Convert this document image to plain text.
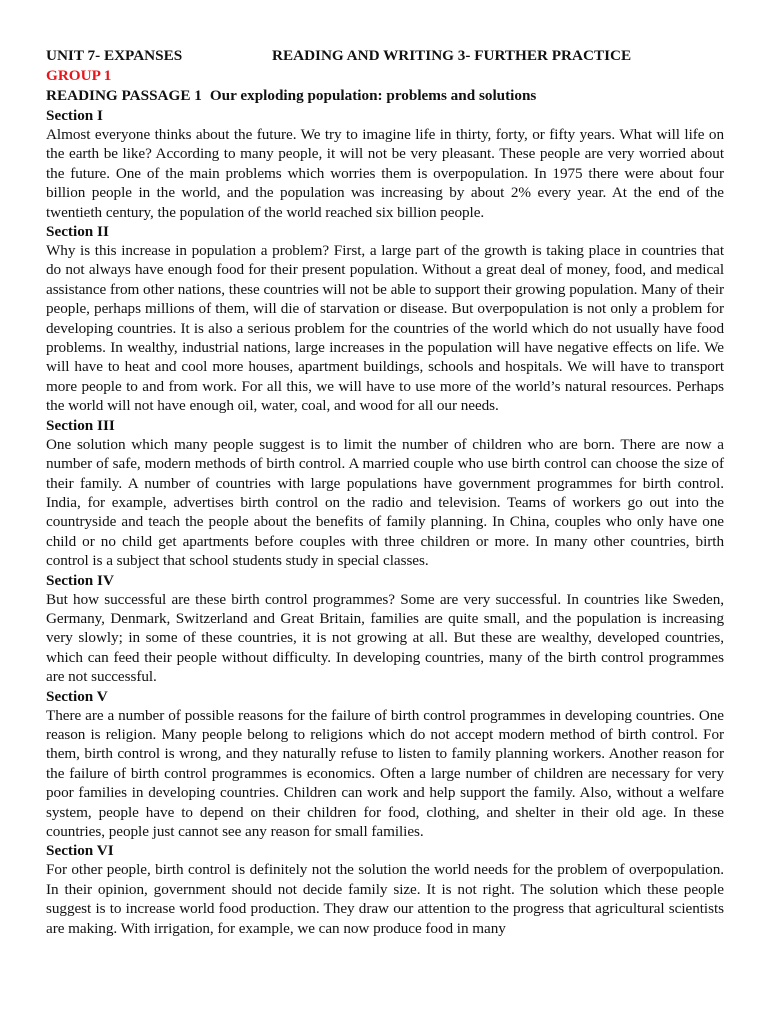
UNIT 7- EXPANSES	READING AND WRITING 3- FURTHER PRACTICE
GROUP 1
READING PASSAGE 1 Our exploding population: problems and solutions
Section I

Almost everyone thinks about the future. We try to imagine life in thirty, forty, or fifty years. What will life on the earth be like? According to many people, it will not be very pleasant. These people are very worried about the future. One of the main problems which worries them is overpopulation. In 1975 there were about four billion people in the world, and the population was increasing by about 2% every year. At the end of the twentieth century, the population of the world reached six billion people.

Section II

Why is this increase in population a problem? First, a large part of the growth is taking place in countries that do not always have enough food for their present population. Without a great deal of money, food, and medical assistance from other nations, these countries will not be able to support their growing population. Many of their people, perhaps millions of them, will die of starvation or disease. But overpopulation is not only a problem for developing countries. It is also a serious problem for the countries of the world which do not usually have food problems. In wealthy, industrial nations, large increases in the population will have negative effects on life. We will have to heat and cool more houses, apartment buildings, schools and hospitals. We will have to transport more people to and from work. For all this, we will have to use more of the world’s natural resources. Perhaps the world will not have enough oil, water, coal, and wood for all our needs.

Section III

One solution which many people suggest is to limit the number of children who are born. There are now a number of safe, modern methods of birth control. A married couple who use birth control can choose the size of their family. A number of countries with large populations have government programmes for birth control. India, for example, advertises birth control on the radio and television. Teams of workers go out into the countryside and teach the people about the benefits of family planning. In China, couples who only have one child or no child get apartments before couples with three children or more. In many other countries, birth control is a subject that school students study in special classes.

Section IV

But how successful are these birth control programmes? Some are very successful. In countries like Sweden, Germany, Denmark, Switzerland and Great Britain, families are quite small, and the population is increasing very slowly; in some of these countries, it is not growing at all. But these are wealthy, developed countries, which can feed their people without difficulty. In developing countries, many of the birth control programmes are not successful.

Section V

There are a number of possible reasons for the failure of birth control programmes in developing countries. One reason is religion. Many people belong to religions which do not accept modern method of birth control. For them, birth control is wrong, and they naturally refuse to listen to family planning workers. Another reason for the failure of birth control programmes is economics. Often a large number of children are necessary for very poor families in developing countries. Children can work and help support the family. Also, without a welfare system, people have to depend on their children for food, clothing, and shelter in their old age. In these countries, people just cannot see any reason for small families.

Section VI

For other people, birth control is definitely not the solution the world needs for the problem of overpopulation. In their opinion, government should not decide family size. It is not right. The solution which these people suggest is to increase world food production. They draw our attention to the progress that agricultural scientists are making. With irrigation, for example, we can now produce food in many
